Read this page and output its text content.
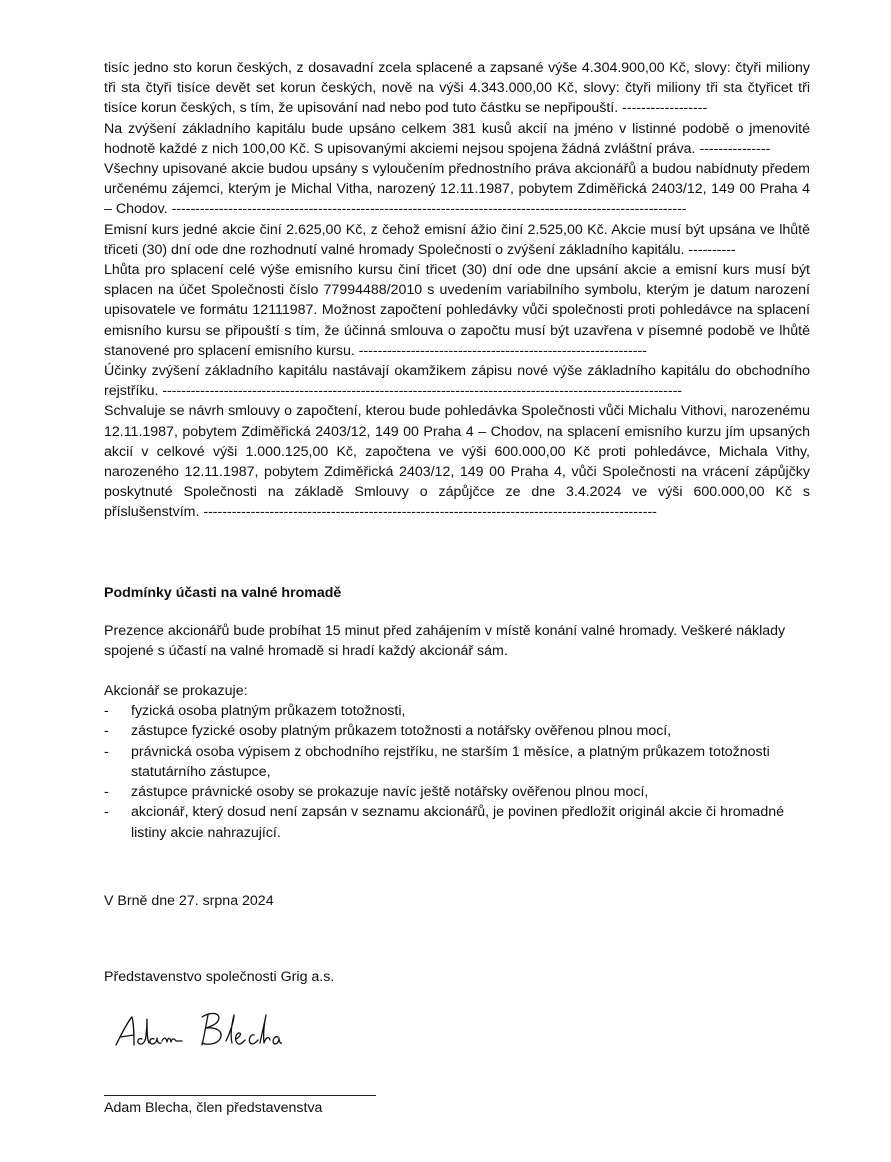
tisíc jedno sto korun českých, z dosavadní zcela splacené a zapsané výše 4.304.900,00 Kč, slovy: čtyři miliony tři sta čtyři tisíce devět set korun českých, nově na výši 4.343.000,00 Kč, slovy: čtyři miliony tři sta čtyřicet tři tisíce korun českých, s tím, že upisování nad nebo pod tuto částku se nepřipouští. ------------------

Na zvýšení základního kapitálu bude upsáno celkem 381 kusů akcií na jméno v listinné podobě o jmenovité hodnotě každé z nich 100,00 Kč. S upisovanými akciemi nejsou spojena žádná zvláštní práva. ---------------

Všechny upisované akcie budou upsány s vyloučením přednostního práva akcionářů a budou nabídnuty předem určenému zájemci, kterým je Michal Vitha, narozený 12.11.1987, pobytem Zdiměřická 2403/12, 149 00 Praha 4 – Chodov. -------------------------------------------------------------------------------------------------------------

Emisní kurs jedné akcie činí 2.625,00 Kč, z čehož emisní ážio činí 2.525,00 Kč. Akcie musí být upsána ve lhůtě třiceti (30) dní ode dne rozhodnutí valné hromady Společnosti o zvýšení základního kapitálu. ----------

Lhůta pro splacení celé výše emisního kursu činí třicet (30) dní ode dne upsání akcie a emisní kurs musí být splacen na účet Společnosti číslo 77994488/2010 s uvedením variabilního symbolu, kterým je datum narození upisovatele ve formátu 12111987. Možnost započtení pohledávky vůči společnosti proti pohledávce na splacení emisního kursu se připouští s tím, že účinná smlouva o započtu musí být uzavřena v písemné podobě ve lhůtě stanovené pro splacení emisního kursu. -------------------------------------------------------------

Účinky zvýšení základního kapitálu nastávají okamžikem zápisu nové výše základního kapitálu do obchodního rejstříku. --------------------------------------------------------------------------------------------------------------

Schvaluje se návrh smlouvy o započtení, kterou bude pohledávka Společnosti vůči Michalu Vithovi, narozenému 12.11.1987, pobytem Zdiměřická 2403/12, 149 00 Praha 4 – Chodov, na splacení emisního kurzu jím upsaných akcií v celkové výši 1.000.125,00 Kč, započtena ve výši 600.000,00 Kč proti pohledávce, Michala Vithy, narozeného 12.11.1987, pobytem Zdiměřická 2403/12, 149 00 Praha 4, vůči Společnosti na vrácení zápůjčky poskytnuté Společnosti na základě Smlouvy o zápůjčce ze dne 3.4.2024 ve výši 600.000,00 Kč s příslušenstvím. ------------------------------------------------------------------------------------------------

Podmínky účasti na valné hromadě

Prezence akcionářů bude probíhat 15 minut před zahájením v místě konání valné hromady. Veškeré náklady spojené s účastí na valné hromadě si hradí každý akcionář sám.

Akcionář se prokazuje:

- fyzická osoba platným průkazem totožnosti,
- zástupce fyzické osoby platným průkazem totožnosti a notářsky ověřenou plnou mocí,
- právnická osoba výpisem z obchodního rejstříku, ne starším 1 měsíce, a platným průkazem totožnosti statutárního zástupce,
- zástupce právnické osoby se prokazuje navíc ještě notářsky ověřenou plnou mocí,
- akcionář, který dosud není zapsán v seznamu akcionářů, je povinen předložit originál akcie či hromadné listiny akcie nahrazující.

V Brně dne 27. srpna 2024

Představenstvo společnosti Grig a.s.

Adam Blecha, člen představenstva
